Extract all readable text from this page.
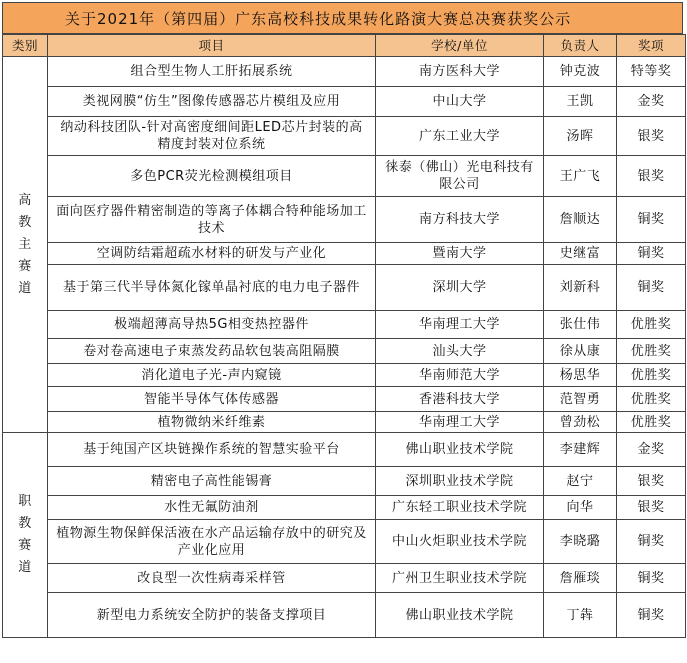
关于2021年（第四届）广东高校科技成果转化路演大赛总决赛获奖公示
类别	项目	学校/单位	负责人	奖项
高教主赛道	组合型生物人工肝拓展系统	南方医科大学	钟克波	特等奖
	类视网膜“仿生”图像传感器芯片模组及应用	中山大学	王凯	金奖
	纳动科技团队-针对高密度细间距LED芯片封装的高精度封装对位系统	广东工业大学	汤晖	银奖
	多色PCR荧光检测模组项目	徕泰（佛山）光电科技有限公司	王广飞	银奖
	面向医疗器件精密制造的等离子体耦合特种能场加工技术	南方科技大学	詹顺达	铜奖
	空调防结霜超疏水材料的研发与产业化	暨南大学	史继富	铜奖
	基于第三代半导体氮化镓单晶衬底的电力电子器件	深圳大学	刘新科	铜奖
	极端超薄高导热5G相变热控器件	华南理工大学	张仕伟	优胜奖
	卷对卷高速电子束蒸发药品软包装高阻隔膜	汕头大学	徐从康	优胜奖
	消化道电子光-声内窥镜	华南师范大学	杨思华	优胜奖
	智能半导体气体传感器	香港科技大学	范智勇	优胜奖
	植物微纳米纤维素	华南理工大学	曾劲松	优胜奖
职教赛道	基于纯国产区块链操作系统的智慧实验平台	佛山职业技术学院	李建辉	金奖
	精密电子高性能锡膏	深圳职业技术学院	赵宁	银奖
	水性无氟防油剂	广东轻工职业技术学院	向华	银奖
	植物源生物保鲜保活液在水产品运输存放中的研究及产业化应用	中山火炬职业技术学院	李晓璐	铜奖
	改良型一次性病毒采样管	广州卫生职业技术学院	詹雁琰	铜奖
	新型电力系统安全防护的装备支撑项目	佛山职业技术学院	丁犇	铜奖
